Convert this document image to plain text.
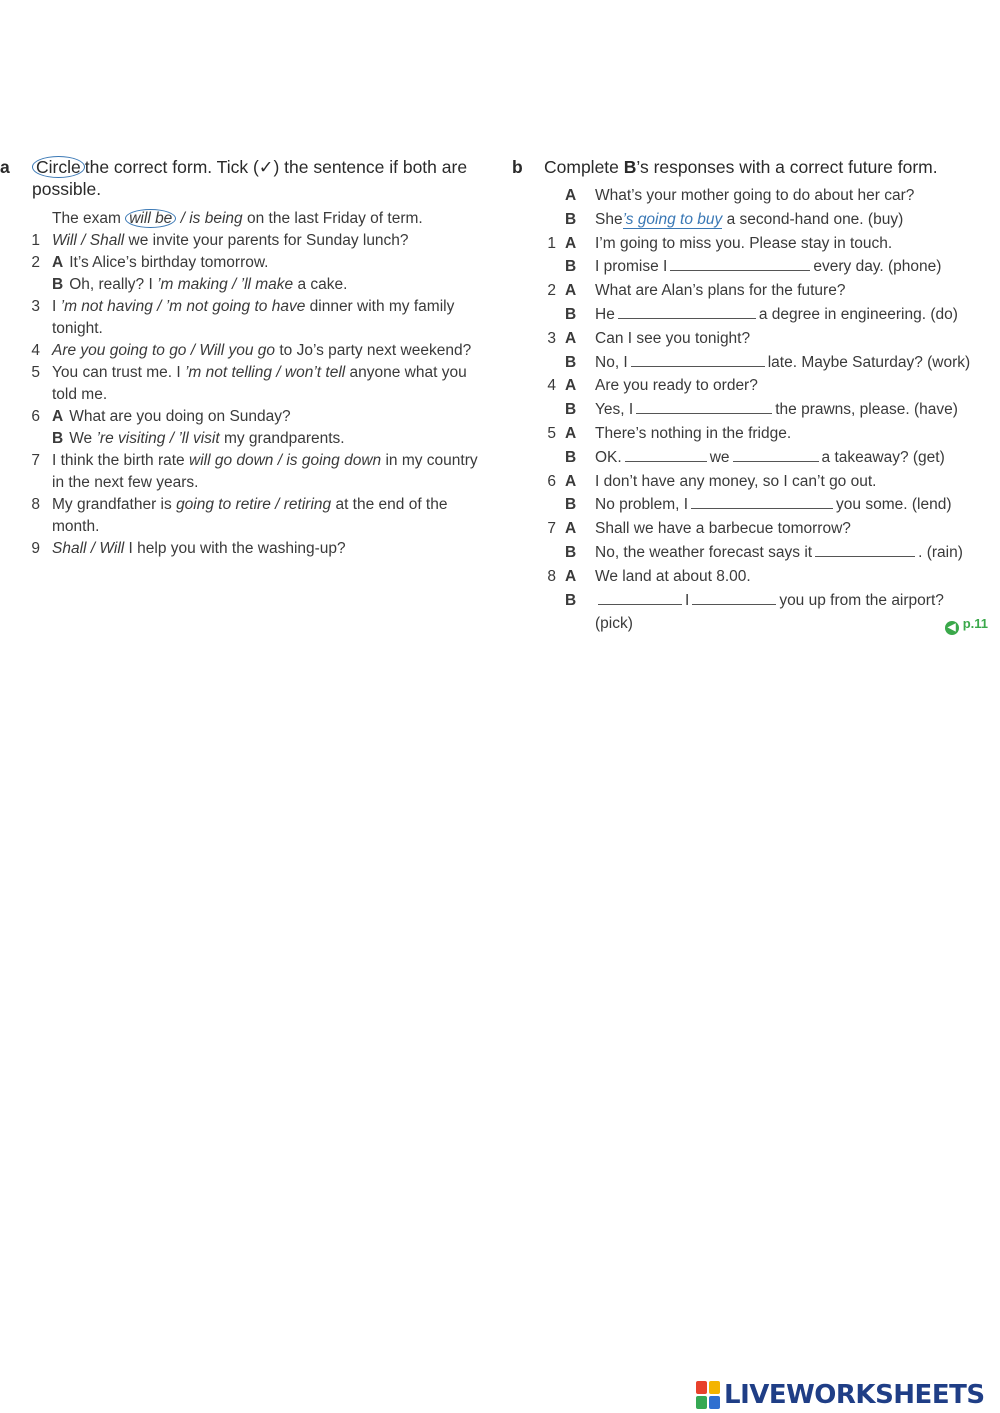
a Circle the correct form. Tick (✓) the sentence if both are possible.
The exam will be / is being on the last Friday of term.
1 Will / Shall we invite your parents for Sunday lunch?
2 A It’s Alice’s birthday tomorrow.
B Oh, really? I ’m making / ’ll make a cake.
3 I ’m not having / ’m not going to have dinner with my family tonight.
4 Are you going to go / Will you go to Jo’s party next weekend?
5 You can trust me. I ’m not telling / won’t tell anyone what you told me.
6 A What are you doing on Sunday?
B We ’re visiting / ’ll visit my grandparents.
7 I think the birth rate will go down / is going down in my country in the next few years.
8 My grandfather is going to retire / retiring at the end of the month.
9 Shall / Will I help you with the washing-up?
b Complete B’s responses with a correct future form.
A What’s your mother going to do about her car?
B She’s going to buy a second-hand one. (buy)
1 A I’m going to miss you. Please stay in touch.
B I promise I	every day. (phone)
2 A What are Alan’s plans for the future?
B He	a degree in engineering. (do)
3 A Can I see you tonight?
B No, I	late. Maybe Saturday? (work)
4 A Are you ready to order?
B Yes, I	the prawns, please. (have)
5 A There’s nothing in the fridge.
B OK.	we	a takeaway? (get)
6 A I don’t have any money, so I can’t go out.
B No problem, I	you some. (lend)
7 A Shall we have a barbecue tomorrow?
B No, the weather forecast says it	. (rain)
8 A We land at about 8.00.
B	I	you up from the airport?
(pick)	◀ p.11
LIVEWORKSHEETS
